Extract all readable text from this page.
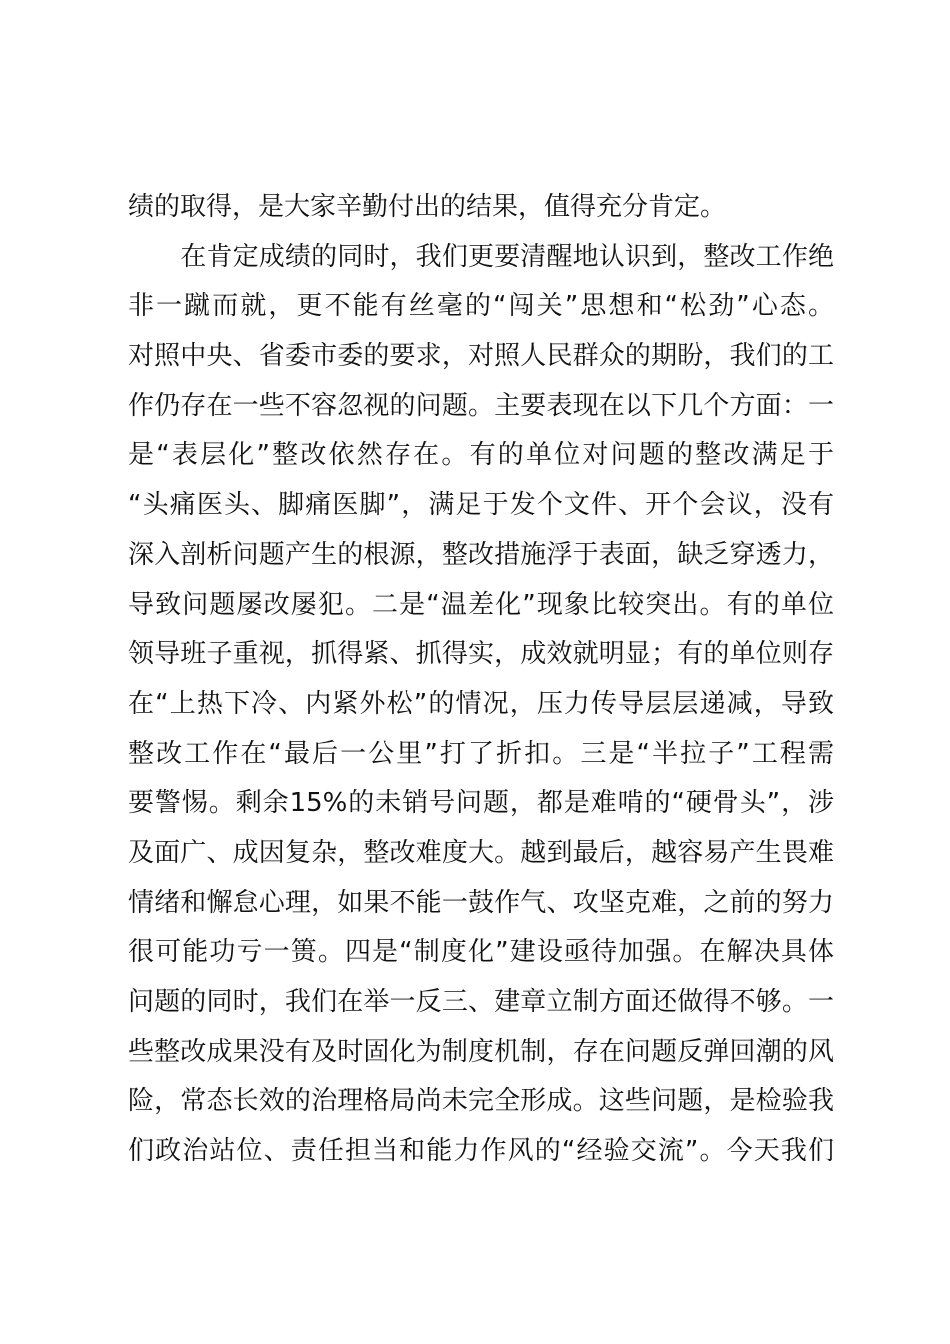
绩的取得，是大家辛勤付出的结果，值得充分肯定。
　　在肯定成绩的同时，我们更要清醒地认识到，整改工作绝
非一蹴而就，更不能有丝毫的“闯关”思想和“松劲”心态。
对照中央、省委市委的要求，对照人民群众的期盼，我们的工
作仍存在一些不容忽视的问题。主要表现在以下几个方面：一
是“表层化”整改依然存在。有的单位对问题的整改满足于
“头痛医头、脚痛医脚”，满足于发个文件、开个会议，没有
深入剖析问题产生的根源，整改措施浮于表面，缺乏穿透力，
导致问题屡改屡犯。二是“温差化”现象比较突出。有的单位
领导班子重视，抓得紧、抓得实，成效就明显；有的单位则存
在“上热下冷、内紧外松”的情况，压力传导层层递减，导致
整改工作在“最后一公里”打了折扣。三是“半拉子”工程需
要警惕。剩余15%的未销号问题，都是难啃的“硬骨头”，涉
及面广、成因复杂，整改难度大。越到最后，越容易产生畏难
情绪和懈怠心理，如果不能一鼓作气、攻坚克难，之前的努力
很可能功亏一篑。四是“制度化”建设亟待加强。在解决具体
问题的同时，我们在举一反三、建章立制方面还做得不够。一
些整改成果没有及时固化为制度机制，存在问题反弹回潮的风
险，常态长效的治理格局尚未完全形成。这些问题，是检验我
们政治站位、责任担当和能力作风的“经验交流”。今天我们
